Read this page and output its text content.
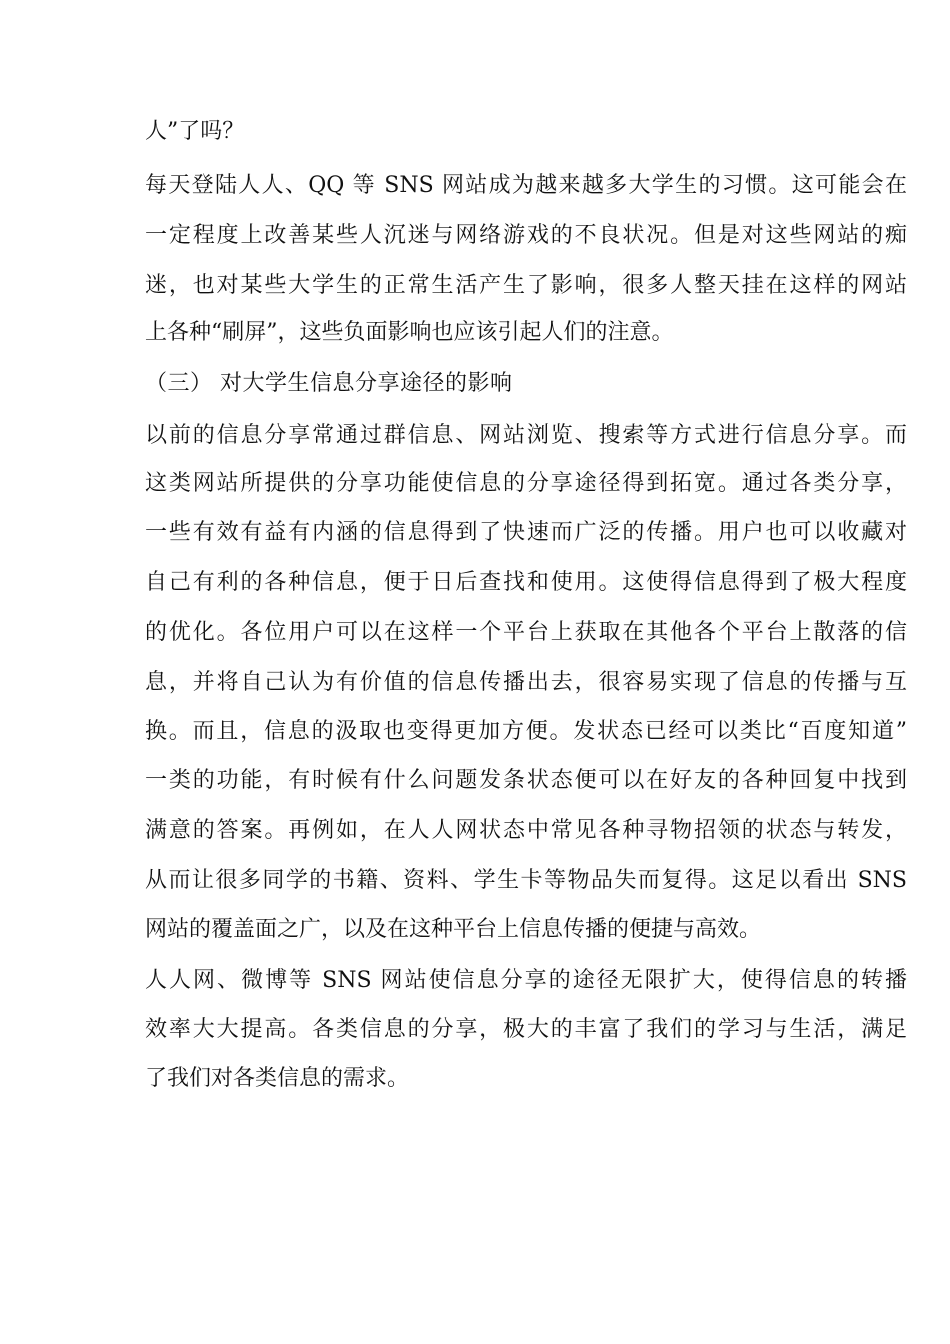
人”了吗？
每天登陆人人、QQ 等 SNS 网站成为越来越多大学生的习惯。这可能会在
一定程度上改善某些人沉迷与网络游戏的不良状况。但是对这些网站的痴
迷，也对某些大学生的正常生活产生了影响，很多人整天挂在这样的网站
上各种“刷屏”，这些负面影响也应该引起人们的注意。
（三） 对大学生信息分享途径的影响
以前的信息分享常通过群信息、网站浏览、搜索等方式进行信息分享。而
这类网站所提供的分享功能使信息的分享途径得到拓宽。通过各类分享，
一些有效有益有内涵的信息得到了快速而广泛的传播。用户也可以收藏对
自己有利的各种信息，便于日后查找和使用。这使得信息得到了极大程度
的优化。各位用户可以在这样一个平台上获取在其他各个平台上散落的信
息，并将自己认为有价值的信息传播出去，很容易实现了信息的传播与互
换。而且，信息的汲取也变得更加方便。发状态已经可以类比“百度知道”
一类的功能，有时候有什么问题发条状态便可以在好友的各种回复中找到
满意的答案。再例如，在人人网状态中常见各种寻物招领的状态与转发，
从而让很多同学的书籍、资料、学生卡等物品失而复得。这足以看出 SNS
网站的覆盖面之广，以及在这种平台上信息传播的便捷与高效。
人人网、微博等 SNS 网站使信息分享的途径无限扩大，使得信息的转播
效率大大提高。各类信息的分享，极大的丰富了我们的学习与生活，满足
了我们对各类信息的需求。
